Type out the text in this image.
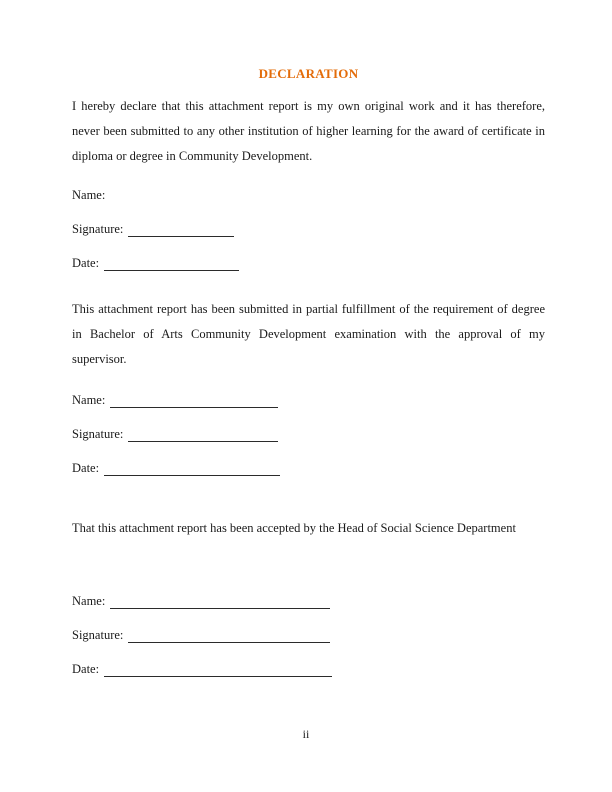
DECLARATION

I hereby declare that this attachment report is my own original work and it has therefore, never been submitted to any other institution of higher learning for the award of certificate in diploma or degree in Community Development.

Name:
Signature:
Date:

This attachment report has been submitted in partial fulfillment of the requirement of degree in Bachelor of Arts Community Development examination with the approval of my supervisor.

Name:
Signature:
Date:

That this attachment report has been accepted by the Head of Social Science Department

Name:
Signature:
Date:
ii
